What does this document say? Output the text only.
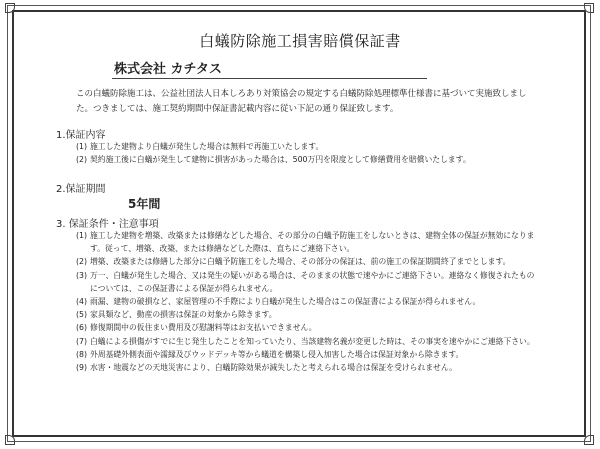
白蟻防除施工損害賠償保証書
株式会社 カチタス
この白蟻防除施工は、公益社団法人日本しろあり対策協会の規定する白蟻防除処理標準仕様書に基づいて実施致しました。つきましては、施工契約期間中保証書記載内容に従い下記の通り保証致します。
1.保証内容
(1) 施工した建物より白蟻が発生した場合は無料で再施工いたします。
(2) 契約施工後に白蟻が発生して建物に損害があった場合は、500万円を限度として修繕費用を賠償いたします。
2.保証期間
5年間
3. 保証条件・注意事項
(1) 施工した建物を増築、改築または修繕などした場合、その部分の白蟻予防施工をしないときは、建物全体の保証が無効になります。従って、増築、改築、または修繕などした際は、直ちにご連絡下さい。
(2) 増築、改築または修繕した部分に白蟻予防施工をした場合、その部分の保証は、前の施工の保証期間終了までとします。
(3) 万一、白蟻が発生した場合、又は発生の疑いがある場合は、そのままの状態で速やかにご連絡下さい。連絡なく修復されたものについては、この保証書による保証が得られません。
(4) 雨漏、建物の破損など、家屋管理の不手際により白蟻が発生した場合はこの保証書による保証が得られません。
(5) 家具類など、動産の損害は保証の対象から除きます。
(6) 修復期間中の仮住まい費用及び慰謝料等はお支払いできません。
(7) 白蟻による損傷がすでに生じ発生したことを知っていたり、当該建物名義が変更した時は、その事実を速やかにご連絡下さい。
(8) 外周基礎外側表面や濡縁及びウッドデッキ等から蟻道を構築し侵入加害した場合は保証対象から除きます。
(9) 水害・地震などの天地災害により、白蟻防除効果が減失したと考えられる場合は保証を受けられません。
